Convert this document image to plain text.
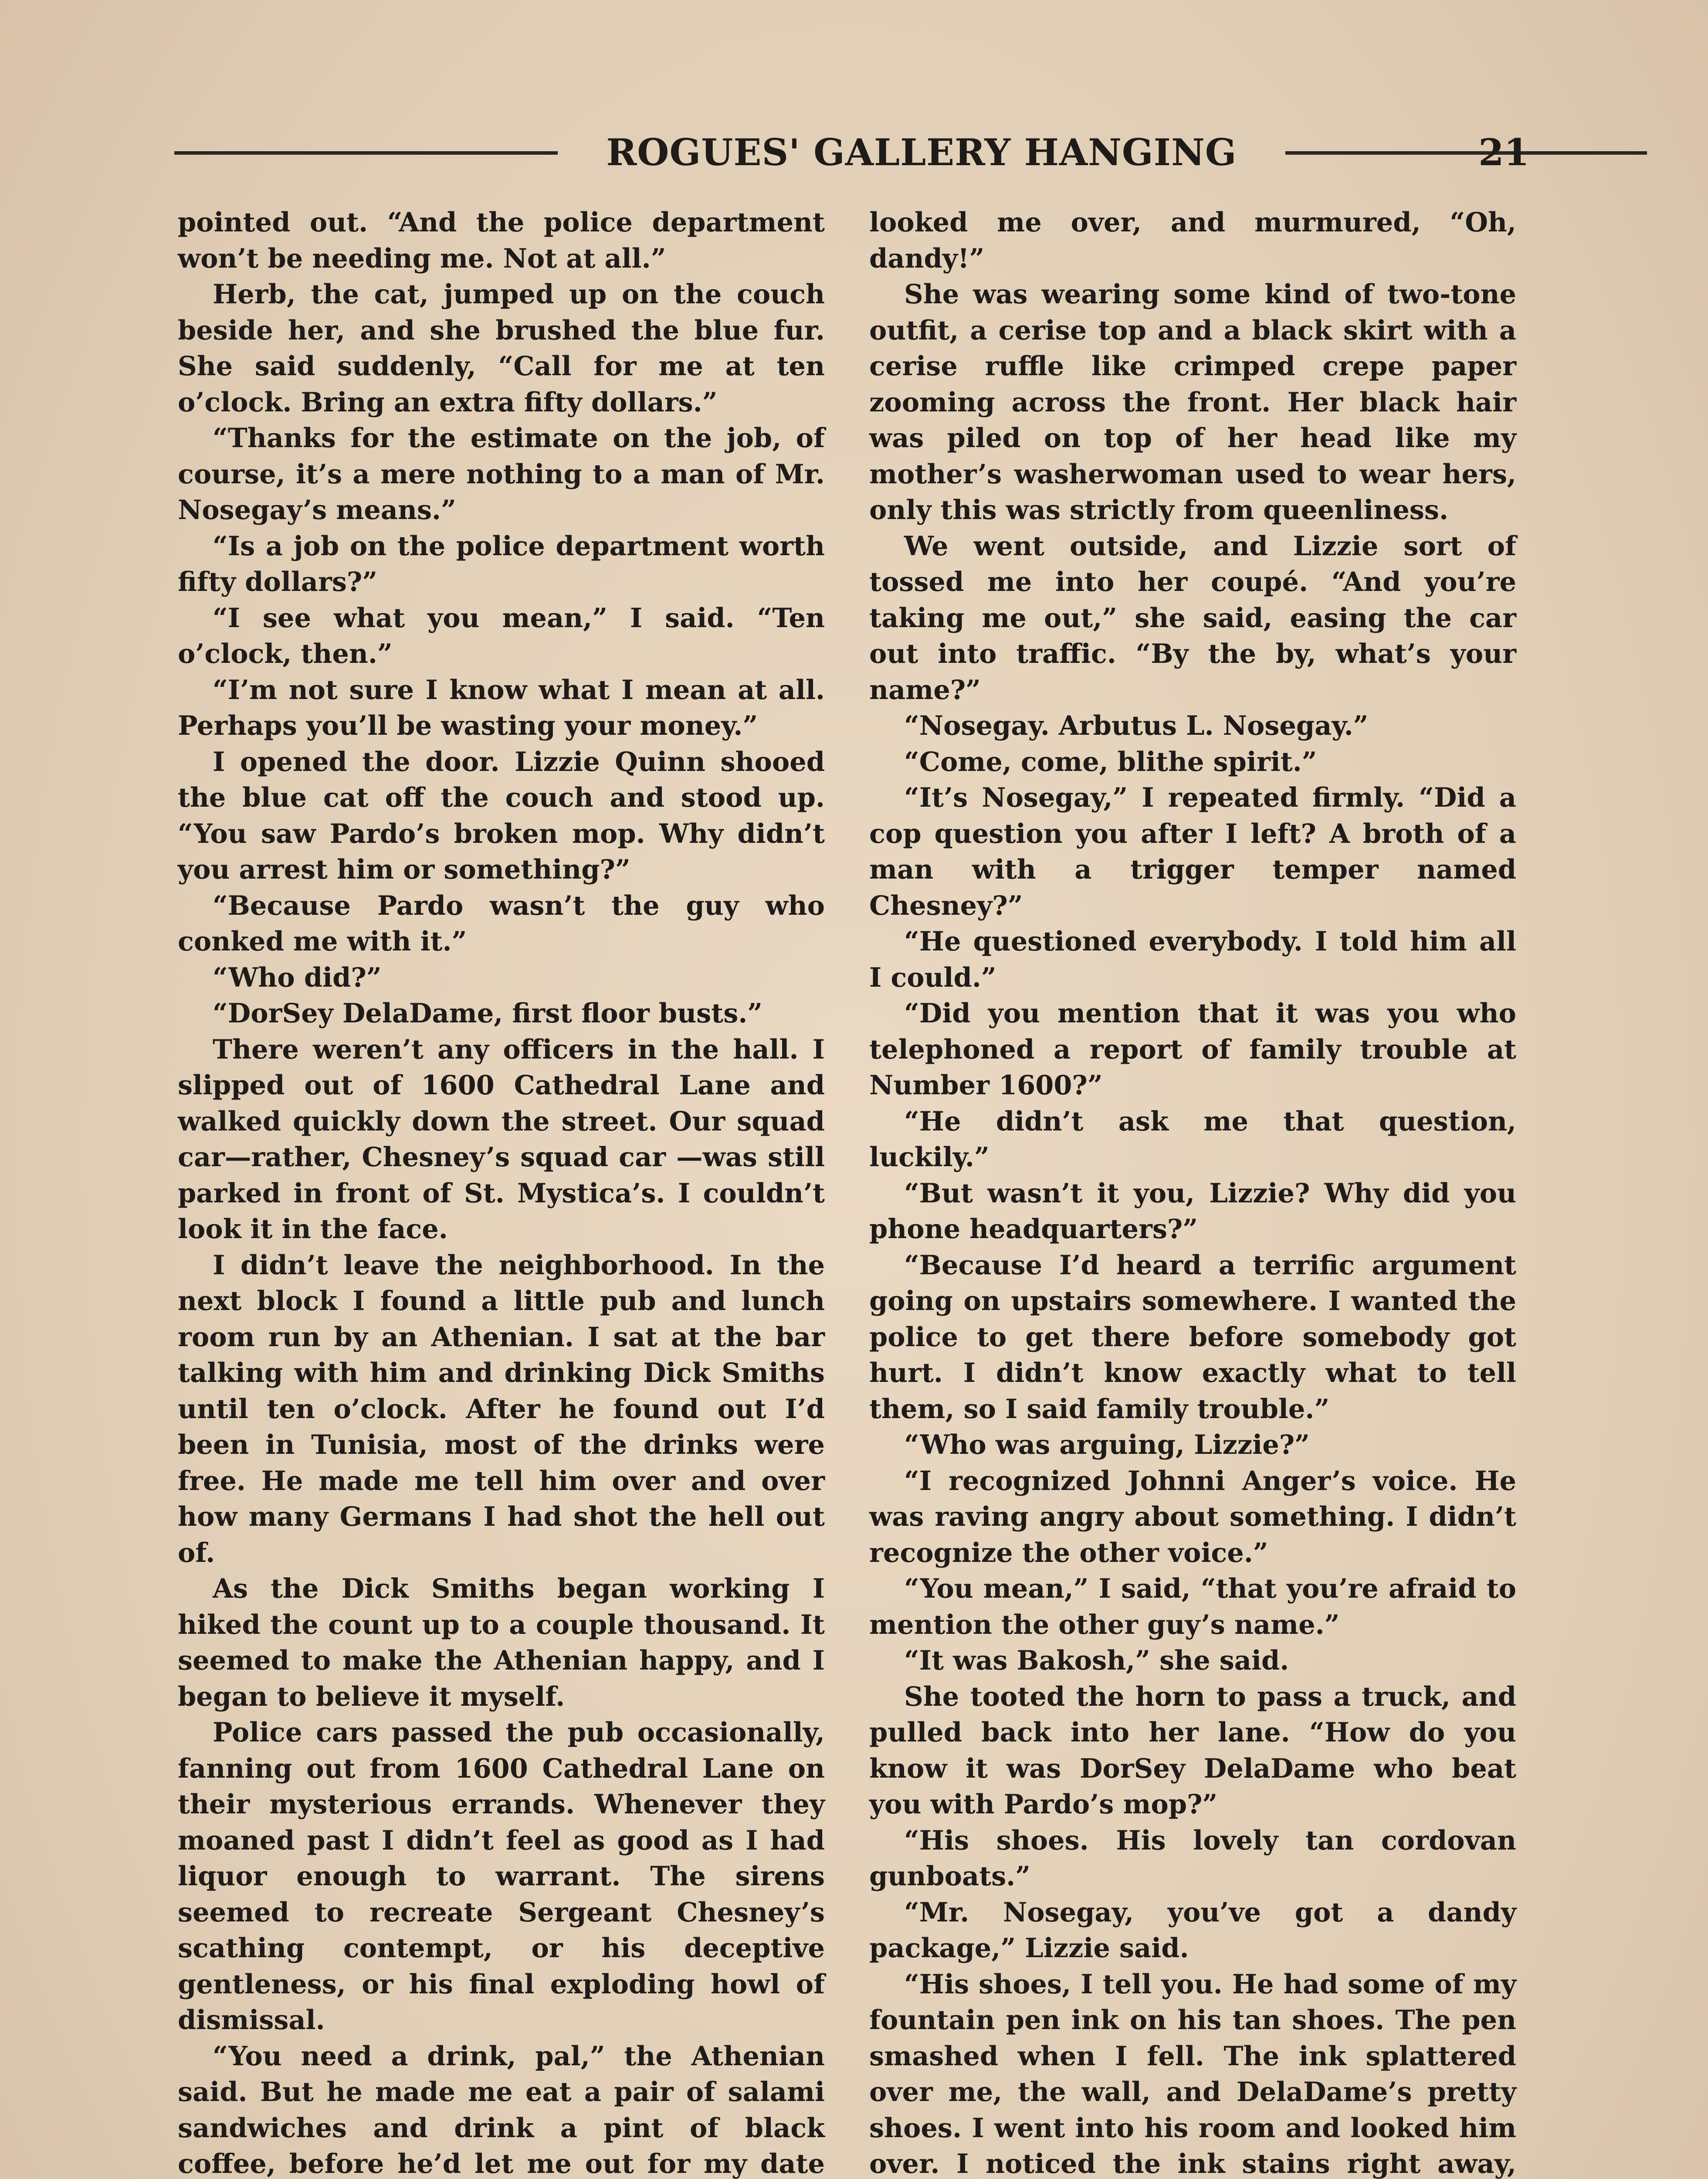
ROGUES' GALLERY HANGING	21

pointed out. “And the police department won’t be needing me. Not at all.”

Herb, the cat, jumped up on the couch beside her, and she brushed the blue fur. She said suddenly, “Call for me at ten o’clock. Bring an extra fifty dollars.”

“Thanks for the estimate on the job, of course, it’s a mere nothing to a man of Mr. Nosegay’s means.”

“Is a job on the police department worth fifty dollars?”

“I see what you mean,” I said. “Ten o’clock, then.”

“I’m not sure I know what I mean at all. Perhaps you’ll be wasting your money.”

I opened the door. Lizzie Quinn shooed the blue cat off the couch and stood up. “You saw Pardo’s broken mop. Why didn’t you arrest him or something?”

“Because Pardo wasn’t the guy who conked me with it.”

“Who did?”

“DorSey DelaDame, first floor busts.”

There weren’t any officers in the hall. I slipped out of 1600 Cathedral Lane and walked quickly down the street. Our squad car—rather, Chesney’s squad car —was still parked in front of St. Mystica’s. I couldn’t look it in the face.

I didn’t leave the neighborhood. In the next block I found a little pub and lunch room run by an Athenian. I sat at the bar talking with him and drinking Dick Smiths until ten o’clock. After he found out I’d been in Tunisia, most of the drinks were free. He made me tell him over and over how many Germans I had shot the hell out of.

As the Dick Smiths began working I hiked the count up to a couple thousand. It seemed to make the Athenian happy, and I began to believe it myself.

Police cars passed the pub occasionally, fanning out from 1600 Cathedral Lane on their mysterious errands. Whenever they moaned past I didn’t feel as good as I had liquor enough to warrant. The sirens seemed to recreate Sergeant Chesney’s scathing contempt, or his deceptive gentleness, or his final exploding howl of dismissal.

“You need a drink, pal,” the Athenian said. But he made me eat a pair of salami sandwiches and drink a pint of black coffee, before he’d let me out for my date

looked me over, and murmured, “Oh, dandy!”

She was wearing some kind of two-tone outfit, a cerise top and a black skirt with a cerise ruffle like crimped crepe paper zooming across the front. Her black hair was piled on top of her head like my mother’s washerwoman used to wear hers, only this was strictly from queenliness.

We went outside, and Lizzie sort of tossed me into her coupé. “And you’re taking me out,” she said, easing the car out into traffic. “By the by, what’s your name?”

“Nosegay. Arbutus L. Nosegay.”

“Come, come, blithe spirit.”

“It’s Nosegay,” I repeated firmly. “Did a cop question you after I left? A broth of a man with a trigger temper named Chesney?”

“He questioned everybody. I told him all I could.”

“Did you mention that it was you who telephoned a report of family trouble at Number 1600?”

“He didn’t ask me that question, luckily.”

“But wasn’t it you, Lizzie? Why did you phone headquarters?”

“Because I’d heard a terrific argument going on upstairs somewhere. I wanted the police to get there before somebody got hurt. I didn’t know exactly what to tell them, so I said family trouble.”

“Who was arguing, Lizzie?”

“I recognized Johnni Anger’s voice. He was raving angry about something. I didn’t recognize the other voice.”

“You mean,” I said, “that you’re afraid to mention the other guy’s name.”

“It was Bakosh,” she said.

She tooted the horn to pass a truck, and pulled back into her lane. “How do you know it was DorSey DelaDame who beat you with Pardo’s mop?”

“His shoes. His lovely tan cordovan gunboats.”

“Mr. Nosegay, you’ve got a dandy package,” Lizzie said.

“His shoes, I tell you. He had some of my fountain pen ink on his tan shoes. The pen smashed when I fell. The ink splattered over me, the wall, and DelaDame’s pretty shoes. I went into his room and looked him over. I noticed the ink stains right away,
